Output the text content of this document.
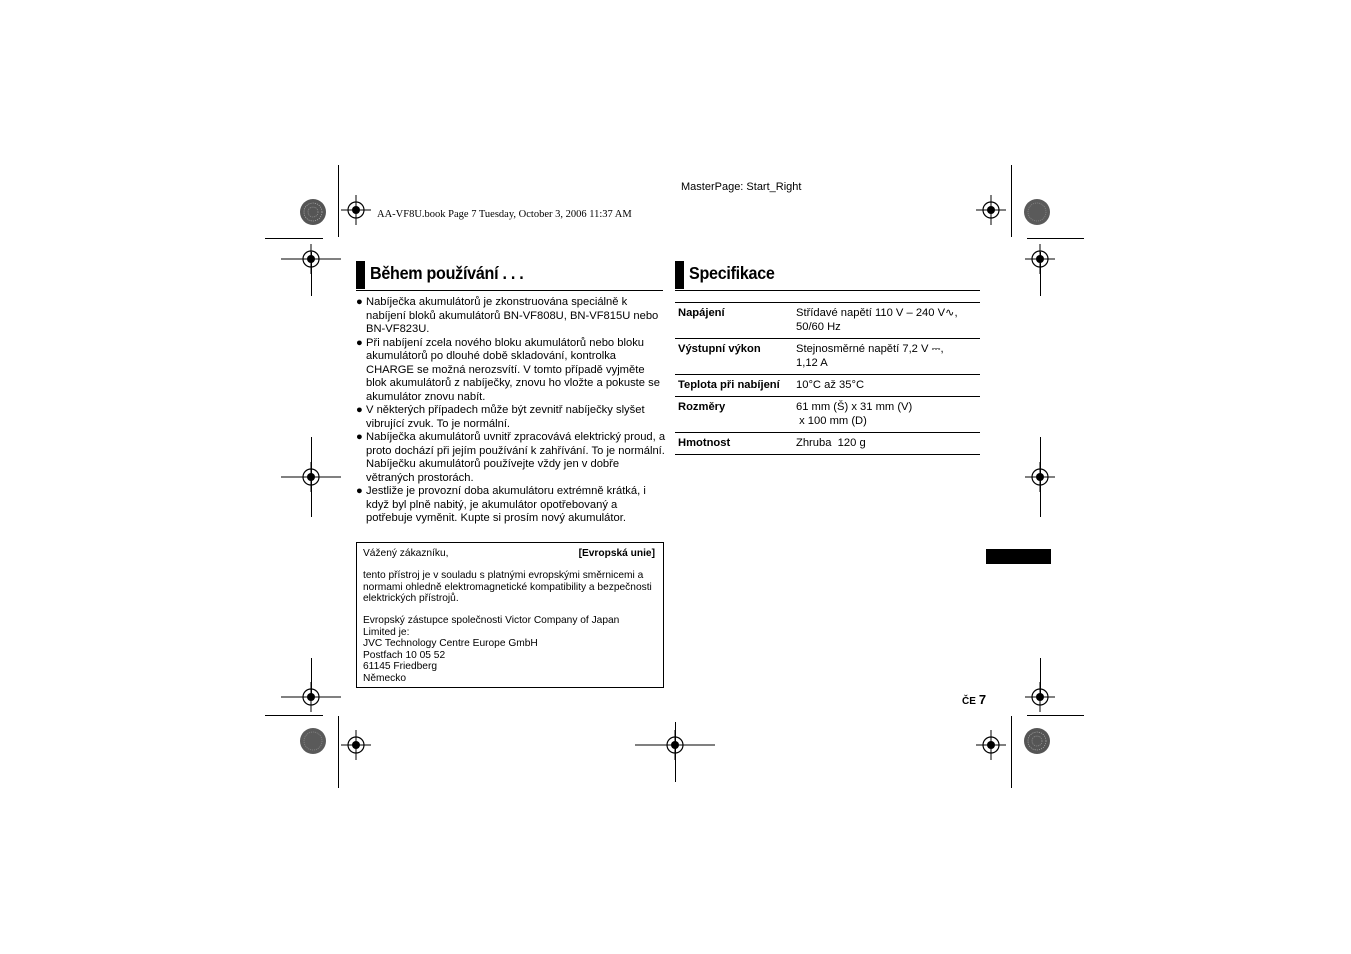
MasterPage: Start_Right
AA-VF8U.book Page 7 Tuesday, October 3, 2006 11:37 AM
Během používání . . .
● Nabíječka akumulátorů je zkonstruována speciálně k nabíjení bloků akumulátorů BN-VF808U, BN-VF815U nebo BN-VF823U.
● Při nabíjení zcela nového bloku akumulátorů nebo bloku akumulátorů po dlouhé době skladování, kontrolka CHARGE se možná nerozsvítí. V tomto případě vyjměte blok akumulátorů z nabíječky, znovu ho vložte a pokuste se akumulátor znovu nabít.
● V některých případech může být zevnitř nabíječky slyšet vibrující zvuk. To je normální.
● Nabíječka akumulátorů uvnitř zpracovává elektrický proud, a proto dochází při jejím používání k zahřívání. To je normální. Nabíječku akumulátorů používejte vždy jen v dobře větraných prostorách.
● Jestliže je provozní doba akumulátoru extrémně krátká, i když byl plně nabitý, je akumulátor opotřebovaný a potřebuje vyměnit. Kupte si prosím nový akumulátor.
Vážený zákazníku,	[Evropská unie]

tento přístroj je v souladu s platnými evropskými směrnicemi a normami ohledně elektromagnetické kompatibility a bezpečnosti elektrických přístrojů.

Evropský zástupce společnosti Victor Company of Japan Limited je:
JVC Technology Centre Europe GmbH
Postfach 10 05 52
61145 Friedberg
Německo

Specifikace
Napájení	Střídavé napětí 110 V – 240 V∿,
50/60 Hz
Výstupní výkon	Stejnosměrné napětí 7,2 V ⎓,
1,12 A
Teplota při nabíjení	10°C až 35°C
Rozměry	61 mm (Š) x 31 mm (V)
x 100 mm (D)
Hmotnost	Zhruba  120 g
ČE 7
